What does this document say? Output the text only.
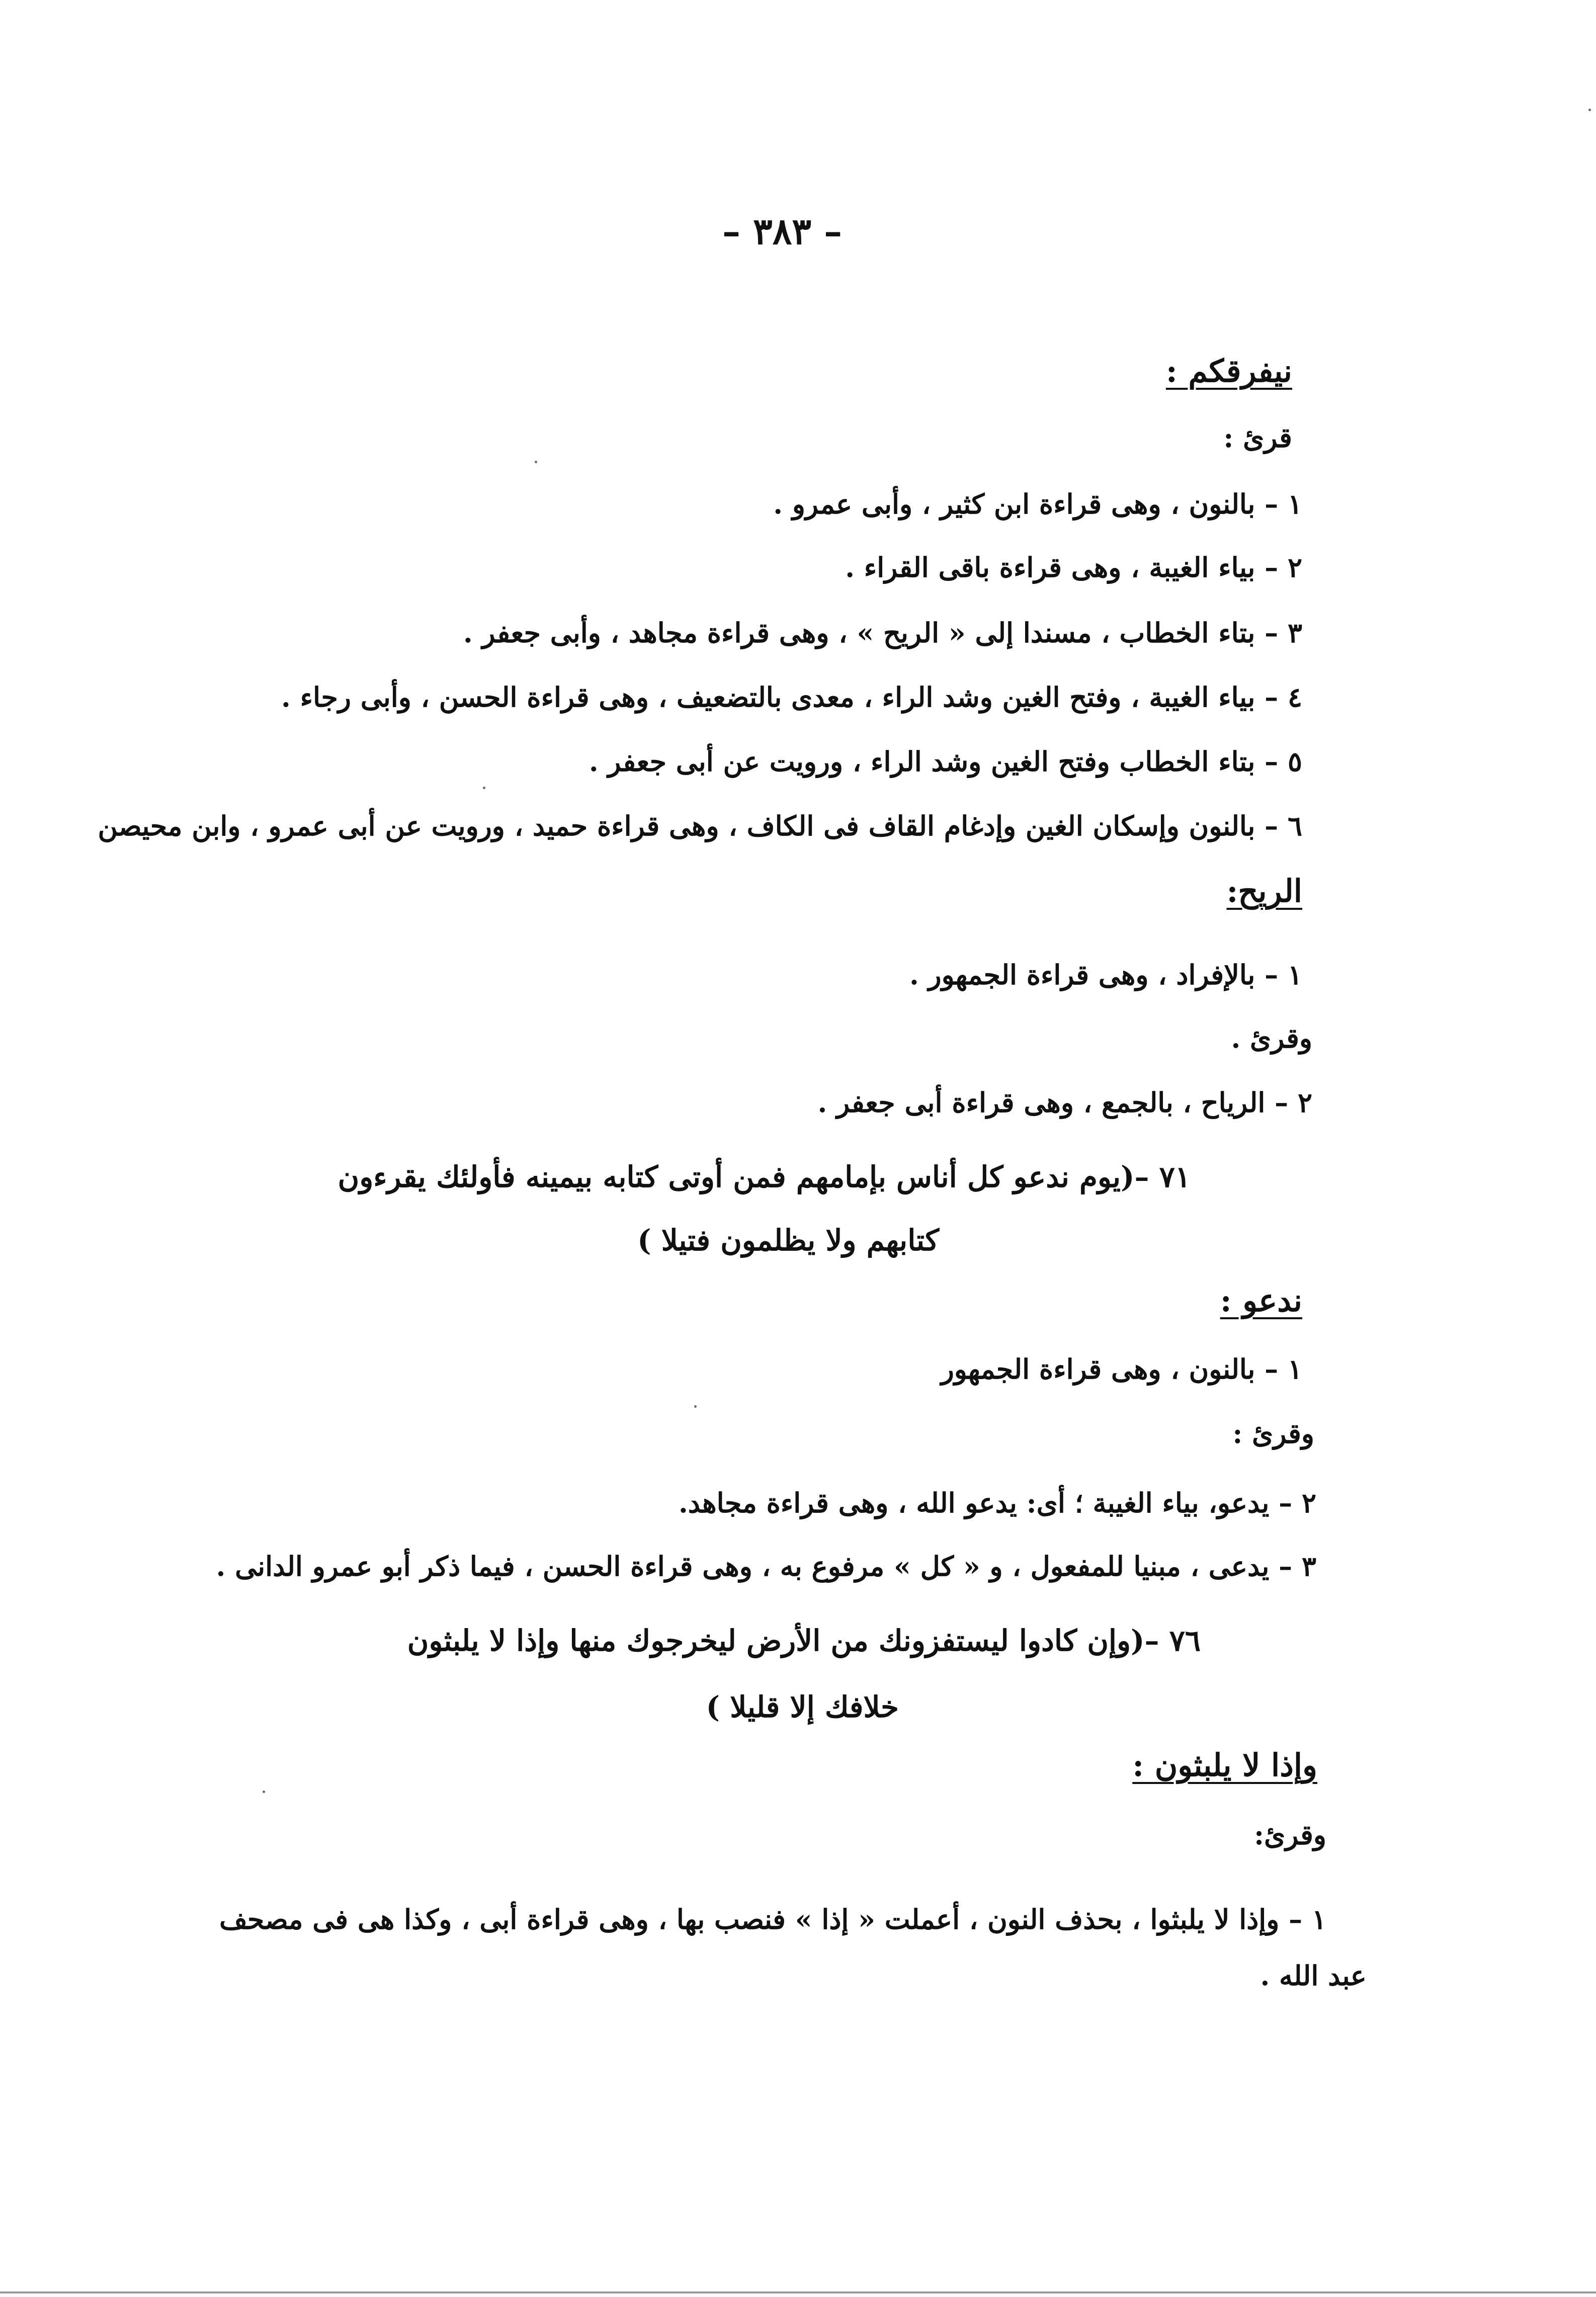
– ٣٨٣ –
نيفرقكم :
قرئ :
١ – بالنون ، وهى قراءة ابن كثير ، وأبى عمرو .
٢ – بياء الغيبة ، وهى قراءة باقى القراء .
٣ – بتاء الخطاب ، مسندا إلى « الريح » ، وهى قراءة مجاهد ، وأبى جعفر .
٤ – بياء الغيبة ، وفتح الغين وشد الراء ، معدى بالتضعيف ، وهى قراءة الحسن ، وأبى رجاء .
٥ – بتاء الخطاب وفتح الغين وشد الراء ، ورويت عن أبى جعفر .
٦ – بالنون وإسكان الغين وإدغام القاف فى الكاف ، وهى قراءة حميد ، ورويت عن أبى عمرو ، وابن محيصن
الريح:
١ – بالإفراد ، وهى قراءة الجمهور .
وقرئ .
٢ – الرياح ، بالجمع ، وهى قراءة أبى جعفر .
٧١ –(يوم ندعو كل أناس بإمامهم فمن أوتى كتابه بيمينه فأولئك يقرءون
كتابهم ولا يظلمون فتيلا )
ندعو :
١ – بالنون ، وهى قراءة الجمهور
وقرئ :
٢ – يدعو، بياء الغيبة ؛ أى: يدعو الله ، وهى قراءة مجاهد.
٣ – يدعى ، مبنيا للمفعول ، و « كل » مرفوع به ، وهى قراءة الحسن ، فيما ذكر أبو عمرو الدانى .
٧٦ –(وإن كادوا ليستفزونك من الأرض ليخرجوك منها وإذا لا يلبثون
خلافك إلا قليلا )
وإذا لا يلبثون :
وقرئ:
١ – وإذا لا يلبثوا ، بحذف النون ، أعملت « إذا » فنصب بها ، وهى قراءة أبى ، وكذا هى فى مصحف
عبد الله .
